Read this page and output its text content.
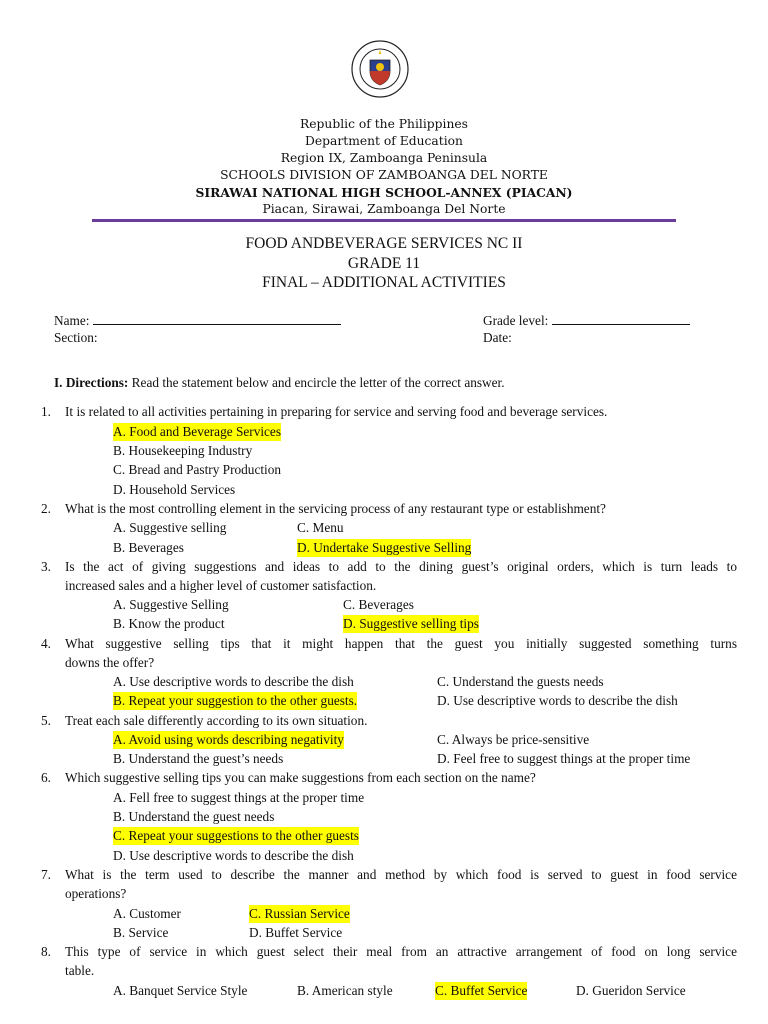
Republic of the Philippines
Department of Education
Region IX, Zamboanga Peninsula
SCHOOLS DIVISION OF ZAMBOANGA DEL NORTE
SIRAWAI NATIONAL HIGH SCHOOL-ANNEX (PIACAN)
Piacan, Sirawai, Zamboanga Del Norte
FOOD ANDBEVERAGE SERVICES NC II
GRADE 11
FINAL – ADDITIONAL ACTIVITIES
Name:	Grade level:
Section:	Date:
I. Directions: Read the statement below and encircle the letter of the correct answer.
1. It is related to all activities pertaining in preparing for service and serving food and beverage services.
A. Food and Beverage Services
B. Housekeeping Industry
C. Bread and Pastry Production
D. Household Services
2. What is the most controlling element in the servicing process of any restaurant type or establishment?
A. Suggestive selling	C. Menu
B. Beverages	D. Undertake Suggestive Selling
3. Is the act of giving suggestions and ideas to add to the dining guest’s original orders, which is turn leads to
increased sales and a higher level of customer satisfaction.
A. Suggestive Selling	C. Beverages
B. Know the product	D. Suggestive selling tips
4. What suggestive selling tips that it might happen that the guest you initially suggested something turns
downs the offer?
A. Use descriptive words to describe the dish	C. Understand the guests needs
B. Repeat your suggestion to the other guests.	D. Use descriptive words to describe the dish
5. Treat each sale differently according to its own situation.
A. Avoid using words describing negativity	C. Always be price-sensitive
B. Understand the guest’s needs	D. Feel free to suggest things at the proper time
6. Which suggestive selling tips you can make suggestions from each section on the name?
A. Fell free to suggest things at the proper time
B. Understand the guest needs
C. Repeat your suggestions to the other guests
D. Use descriptive words to describe the dish
7. What is the term used to describe the manner and method by which food is served to guest in food service
operations?
A. Customer	C. Russian Service
B. Service	D. Buffet Service
8. This type of service in which guest select their meal from an attractive arrangement of food on long service
table.
A. Banquet Service Style	B. American style	C. Buffet Service	D. Gueridon Service
